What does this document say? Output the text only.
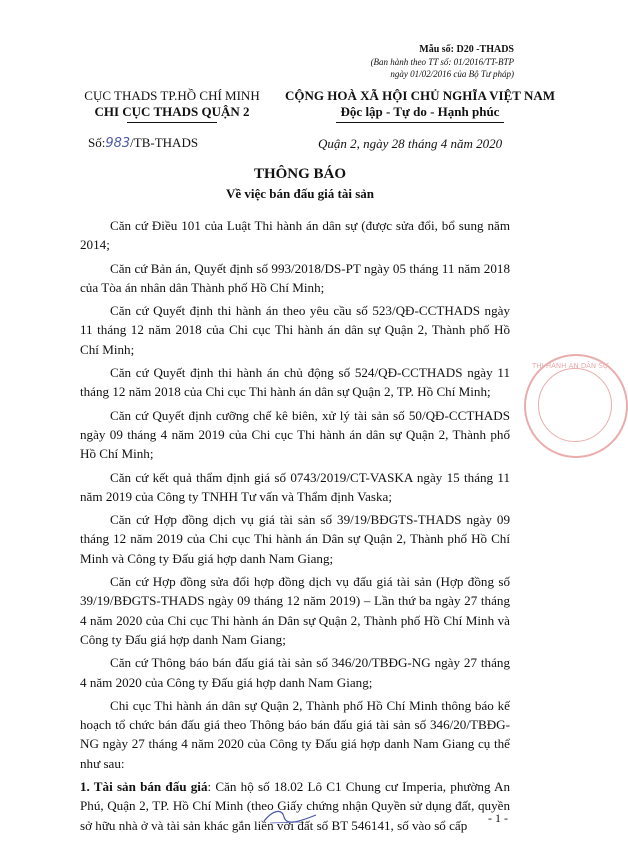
Mẫu số: D20 -THADS
(Ban hành theo TT số: 01/2016/TT-BTP
ngày 01/02/2016 của Bộ Tư pháp)
CỤC THADS TP.HỒ CHÍ MINH
CHI CỤC THADS QUẬN 2
CỘNG HOÀ XÃ HỘI CHỦ NGHĨA VIỆT NAM
Độc lập - Tự do - Hạnh phúc
Số:983/TB-THADS	Quận 2, ngày 28 tháng 4 năm 2020
THÔNG BÁO
Về việc bán đấu giá tài sản

Căn cứ Điều 101 của Luật Thi hành án dân sự (được sửa đổi, bổ sung năm 2014;

Căn cứ Bản án, Quyết định số 993/2018/DS-PT ngày 05 tháng 11 năm 2018 của Tòa án nhân dân Thành phố Hồ Chí Minh;

Căn cứ Quyết định thi hành án theo yêu cầu số 523/QĐ-CCTHADS ngày 11 tháng 12 năm 2018 của Chi cục Thi hành án dân sự Quận 2, Thành phố Hồ Chí Minh;

Căn cứ Quyết định thi hành án chủ động số 524/QĐ-CCTHADS ngày 11 tháng 12 năm 2018 của Chi cục Thi hành án dân sự Quận 2, TP. Hồ Chí Minh;

Căn cứ Quyết định cưỡng chế kê biên, xử lý tài sản số 50/QĐ-CCTHADS ngày 09 tháng 4 năm 2019 của Chi cục Thi hành án dân sự Quận 2, Thành phố Hồ Chí Minh;

Căn cứ kết quả thẩm định giá số 0743/2019/CT-VASKA ngày 15 tháng 11 năm 2019 của Công ty TNHH Tư vấn và Thẩm định Vaska;

Căn cứ Hợp đồng dịch vụ giá tài sản số 39/19/BĐGTS-THADS ngày 09 tháng 12 năm 2019 của Chi cục Thi hành án Dân sự Quận 2, Thành phố Hồ Chí Minh và Công ty Đấu giá hợp danh Nam Giang;

Căn cứ Hợp đồng sửa đổi hợp đồng dịch vụ đấu giá tài sản (Hợp đồng số 39/19/BĐGTS-THADS ngày 09 tháng 12 năm 2019) – Lần thứ ba ngày 27 tháng 4 năm 2020 của Chi cục Thi hành án Dân sự Quận 2, Thành phố Hồ Chí Minh và Công ty Đấu giá hợp danh Nam Giang;

Căn cứ Thông báo bán đấu giá tài sản số 346/20/TBĐG-NG ngày 27 tháng 4 năm 2020 của Công ty Đấu giá hợp danh Nam Giang;

Chi cục Thi hành án dân sự Quận 2, Thành phố Hồ Chí Minh thông báo kế hoạch tổ chức bán đấu giá theo Thông báo bán đấu giá tài sản số 346/20/TBĐG-NG ngày 27 tháng 4 năm 2020 của Công ty Đấu giá hợp danh Nam Giang cụ thể như sau:

1. Tài sản bán đấu giá: Căn hộ số 18.02 Lô C1 Chung cư Imperia, phường An Phú, Quận 2, TP. Hồ Chí Minh (theo Giấy chứng nhận Quyền sử dụng đất, quyền sở hữu nhà ở và tài sản khác gắn liền với đất số BT 546141, số vào sổ cấp

THI HÀNH ÁN DÂN SỰ
- 1 -
